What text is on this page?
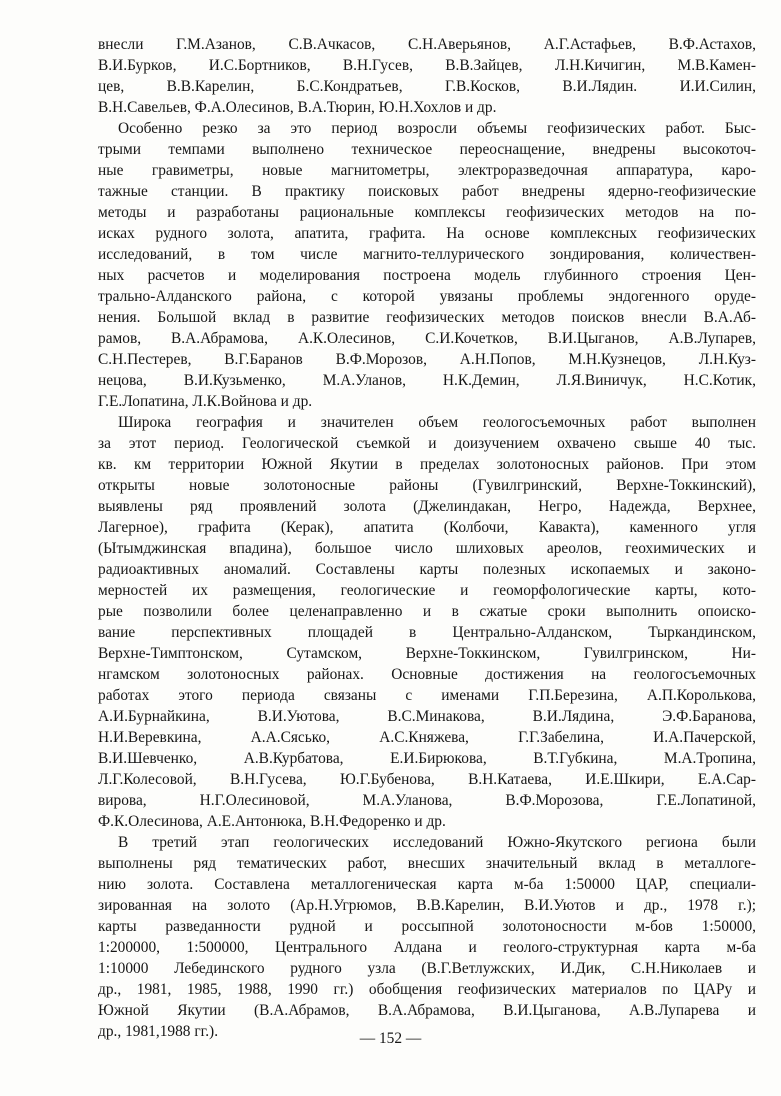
внесли Г.М.Азанов, С.В.Ачкасов, С.Н.Аверьянов, А.Г.Астафьев, В.Ф.Астахов,
В.И.Бурков, И.С.Бортников, В.Н.Гусев, В.В.Зайцев, Л.Н.Кичигин, М.В.Камен-
цев, В.В.Карелин, Б.С.Кондратьев, Г.В.Косков, В.И.Лядин. И.И.Силин,
В.Н.Савельев, Ф.А.Олесинов, В.А.Тюрин, Ю.Н.Хохлов и др.

Особенно резко за это период возросли объемы геофизических работ. Быс-
трыми темпами выполнено техническое переоснащение, внедрены высокоточ-
ные гравиметры, новые магнитометры, электроразведочная аппаратура, каро-
тажные станции. В практику поисковых работ внедрены ядерно-геофизические
методы и разработаны рациональные комплексы геофизических методов на по-
исках рудного золота, апатита, графита. На основе комплексных геофизических
исследований, в том числе магнито-теллурического зондирования, количествен-
ных расчетов и моделирования построена модель глубинного строения Цен-
трально-Алданского района, с которой увязаны проблемы эндогенного оруде-
нения. Большой вклад в развитие геофизических методов поисков внесли В.А.Аб-
рамов, В.А.Абрамова, А.К.Олесинов, С.И.Кочетков, В.И.Цыганов, А.В.Лупарев,
С.Н.Пестерев, В.Г.Баранов В.Ф.Морозов, А.Н.Попов, М.Н.Кузнецов, Л.Н.Куз-
нецова, В.И.Кузьменко, М.А.Уланов, Н.К.Демин, Л.Я.Виничук, Н.С.Котик,
Г.Е.Лопатина, Л.К.Войнова и др.

Широка география и значителен объем геологосъемочных работ выполнен
за этот период. Геологической съемкой и доизучением охвачено свыше 40 тыс.
кв. км территории Южной Якутии в пределах золотоносных районов. При этом
открыты новые золотоносные районы (Гувилгринский, Верхне-Токкинский),
выявлены ряд проявлений золота (Джелиндакан, Негро, Надежда, Верхнее,
Лагерное), графита (Керак), апатита (Колбочи, Кавакта), каменного угля
(Ытымджинская впадина), большое число шлиховых ареолов, геохимических и
радиоактивных аномалий. Составлены карты полезных ископаемых и законо-
мерностей их размещения, геологические и геоморфологические карты, кото-
рые позволили более целенаправленно и в сжатые сроки выполнить опоиско-
вание перспективных площадей в Центрально-Алданском, Тыркандинском,
Верхне-Тимптонском, Сутамском, Верхне-Токкинском, Гувилгринском, Ни-
нгамском золотоносных районах. Основные достижения на геологосъемочных
работах этого периода связаны с именами Г.П.Березина, А.П.Королькова,
А.И.Бурнайкина, В.И.Уютова, В.С.Минакова, В.И.Лядина, Э.Ф.Баранова,
Н.И.Веревкина, А.А.Сясько, А.С.Княжева, Г.Г.Забелина, И.А.Пачерской,
В.И.Шевченко, А.В.Курбатова, Е.И.Бирюкова, В.Т.Губкина, М.А.Тропина,
Л.Г.Колесовой, В.Н.Гусева, Ю.Г.Бубенова, В.Н.Катаева, И.Е.Шкири, Е.А.Сар-
вирова, Н.Г.Олесиновой, М.А.Уланова, В.Ф.Морозова, Г.Е.Лопатиной,
Ф.К.Олесинова, А.Е.Антонюка, В.Н.Федоренко и др.

В третий этап геологических исследований Южно-Якутского региона были
выполнены ряд тематических работ, внесших значительный вклад в металлоге-
нию золота. Составлена металлогеническая карта м-ба 1:50000 ЦАР, специали-
зированная на золото (Ар.Н.Угрюмов, В.В.Карелин, В.И.Уютов и др., 1978 г.);
карты разведанности рудной и россыпной золотоносности м-бов 1:50000,
1:200000, 1:500000, Центрального Алдана и геолого-структурная карта м-ба
1:10000 Лебединского рудного узла (В.Г.Ветлужских, И.Дик, С.Н.Николаев и
др., 1981, 1985, 1988, 1990 гг.) обобщения геофизических материалов по ЦАРу и
Южной Якутии (В.А.Абрамов, В.А.Абрамова, В.И.Цыганова, А.В.Лупарева и
др., 1981,1988 гг.).	— 152 —
